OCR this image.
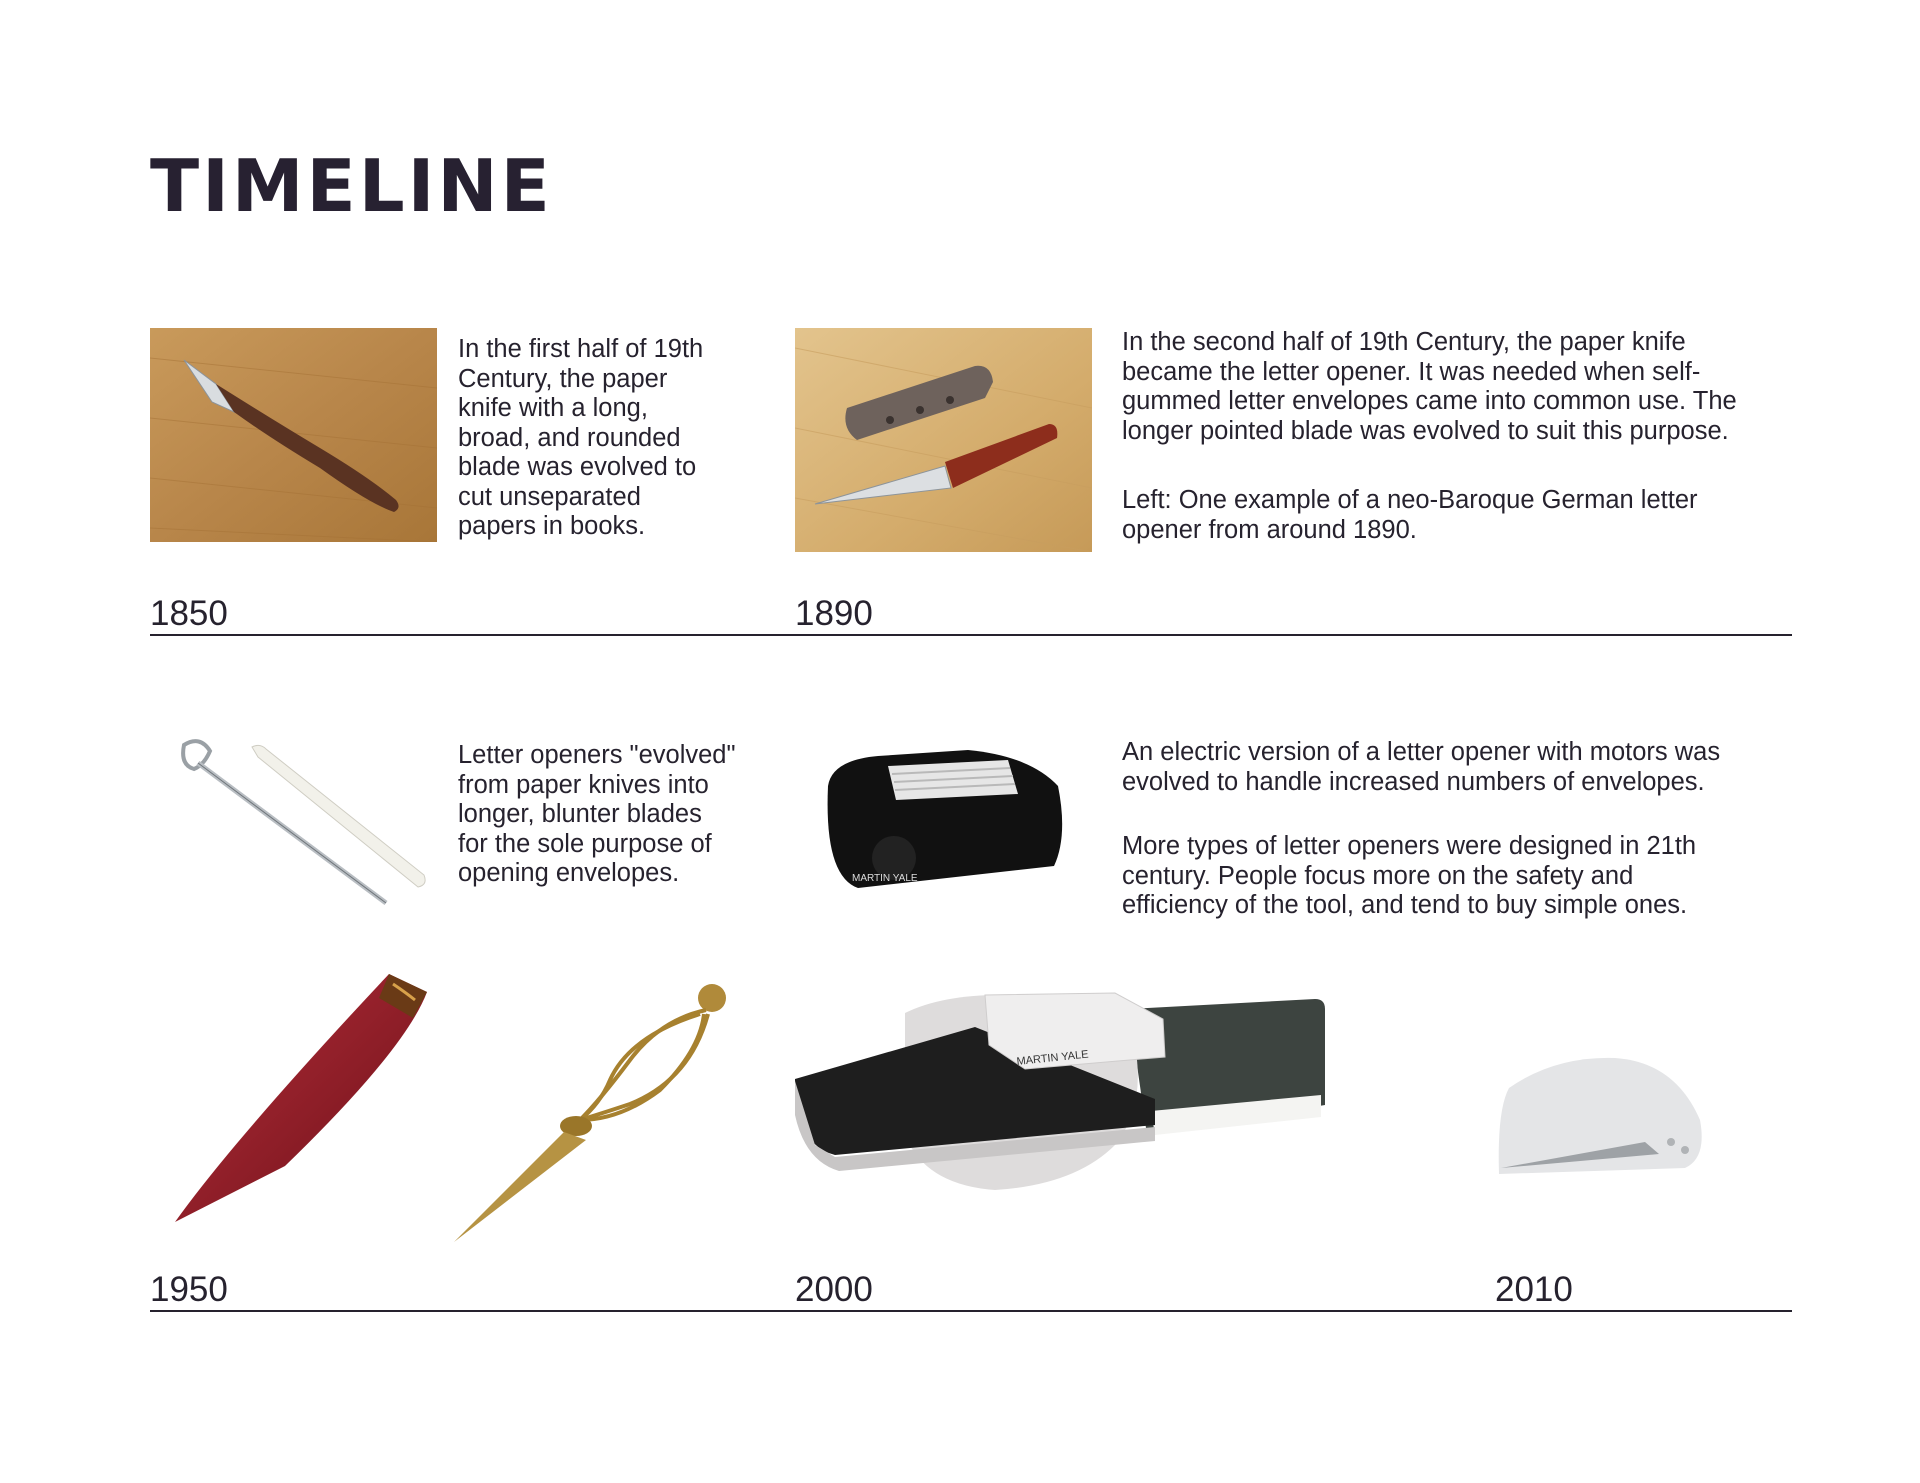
TIMELINE

In the first half of 19th
Century, the paper
knife with a long,
broad, and rounded
blade was evolved to
cut unseparated
papers in books.

1850

In the second half of 19th Century, the paper knife
became the letter opener. It was needed when self-
gummed letter envelopes came into common use. The
longer pointed blade was evolved to suit this purpose.

Left: One example of a neo-Baroque German letter
opener from around 1890.

1890

Letter openers "evolved"
from paper knives into
longer, blunter blades
for the sole purpose of
opening envelopes.	MARTIN YALE

An electric version of a letter opener with motors was
evolved to handle increased numbers of envelopes.

More types of letter openers were designed in 21th
century. People focus more on the safety and
efficiency of the tool, and tend to buy simple ones.

MARTIN YALE
1950	2000	2010
